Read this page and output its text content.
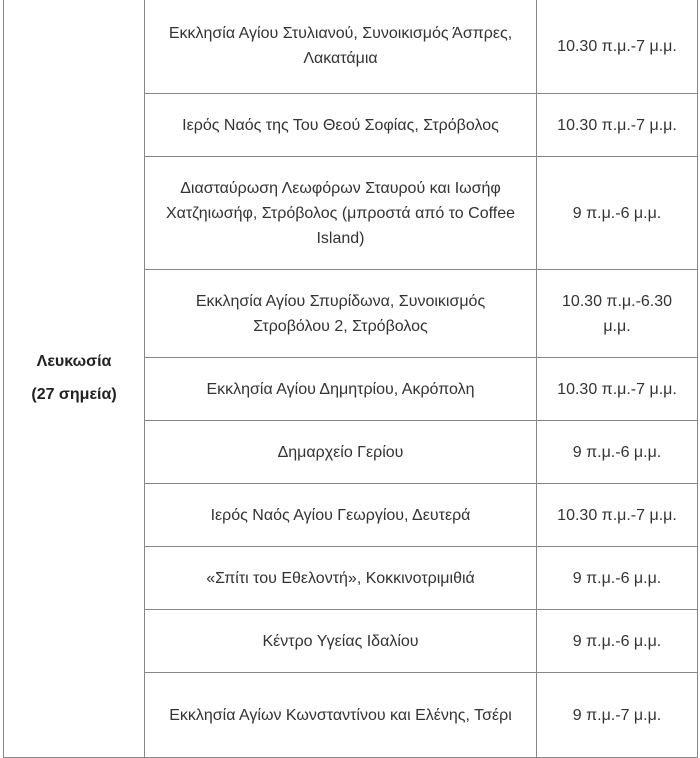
Λευκωσία
(27 σημεία)	Εκκλησία Αγίου Στυλιανού, Συνοικισμός Άσπρες, Λακατάμια	10.30 π.μ.-7 μ.μ.
	Ιερός Ναός της Του Θεού Σοφίας, Στρόβολος	10.30 π.μ.-7 μ.μ.
	Διασταύρωση Λεωφόρων Σταυρού και Ιωσήφ Χατζηιωσήφ, Στρόβολος (μπροστά από το Coffee Island)	9 π.μ.-6 μ.μ.
	Εκκλησία Αγίου Σπυρίδωνα, Συνοικισμός Στροβόλου 2, Στρόβολος	10.30 π.μ.-6.30 μ.μ.
	Εκκλησία Αγίου Δημητρίου, Ακρόπολη	10.30 π.μ.-7 μ.μ.
	Δημαρχείο Γερίου	9 π.μ.-6 μ.μ.
	Ιερός Ναός Αγίου Γεωργίου, Δευτερά	10.30 π.μ.-7 μ.μ.
	«Σπίτι του Εθελοντή», Κοκκινοτριμιθιά	9 π.μ.-6 μ.μ.
	Κέντρο Υγείας Ιδαλίου	9 π.μ.-6 μ.μ.
	Εκκλησία Αγίων Κωνσταντίνου και Ελένης, Τσέρι	9 π.μ.-7 μ.μ.
